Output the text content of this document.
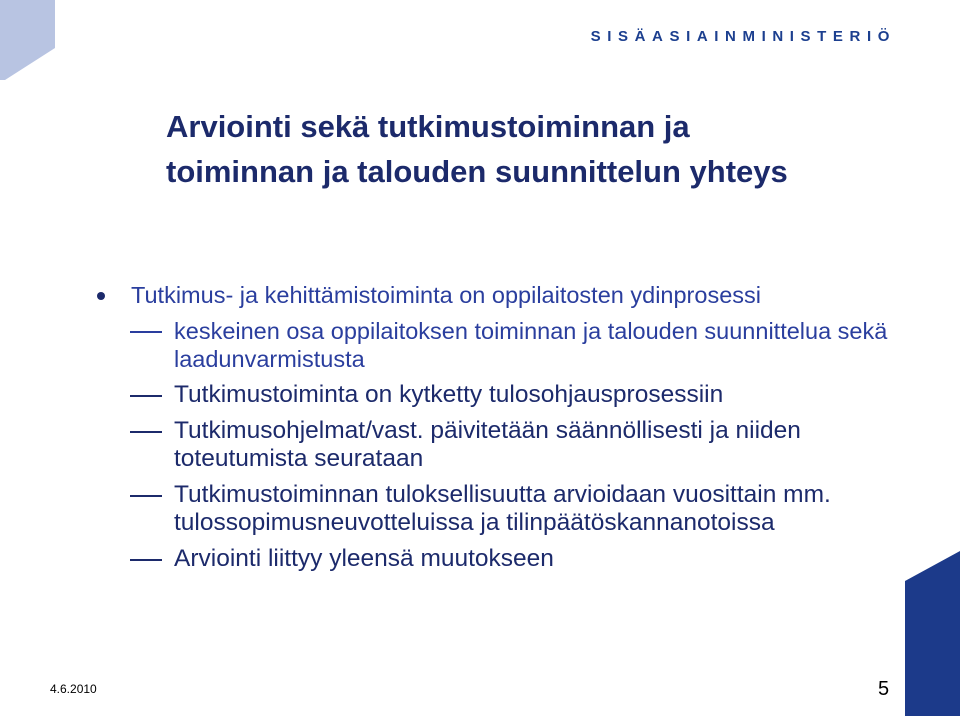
SISÄASIAINMINISTERIÖ
Arviointi sekä tutkimustoiminnan ja toiminnan ja talouden suunnittelun yhteys
Tutkimus- ja kehittämistoiminta on oppilaitosten ydinprosessi
keskeinen osa oppilaitoksen toiminnan ja talouden suunnittelua sekä laadunvarmistusta
Tutkimustoiminta on kytketty tulosohjausprosessiin
Tutkimusohjelmat/vast. päivitetään säännöllisesti ja niiden toteutumista seurataan
Tutkimustoiminnan tuloksellisuutta arvioidaan vuosittain mm. tulossopimusneuvotteluissa ja tilinpäätöskannanotoissa
Arviointi liittyy yleensä muutokseen
4.6.2010	5
